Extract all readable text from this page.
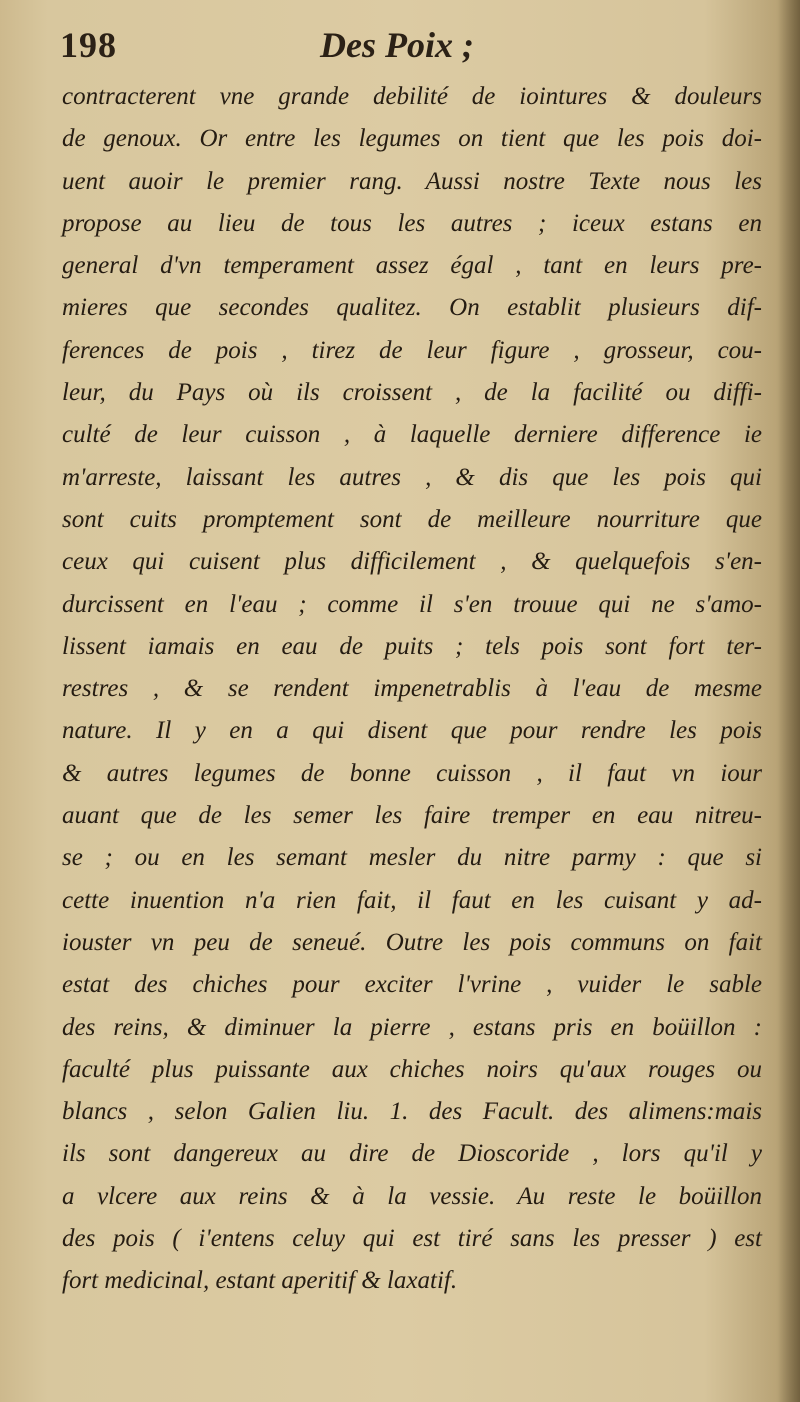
198	Des Poix ;
contracterent vne grande debilité de iointures & douleurs
de genoux. Or entre les legumes on tient que les pois doi-
uent auoir le premier rang. Aussi nostre Texte nous les
propose au lieu de tous les autres ; iceux estans en
general d'vn temperament assez égal , tant en leurs pre-
mieres que secondes qualitez. On establit plusieurs dif-
ferences de pois , tirez de leur figure , grosseur, cou-
leur, du Pays où ils croissent , de la facilité ou diffi-
culté de leur cuisson , à laquelle derniere difference ie
m'arreste, laissant les autres , & dis que les pois qui
sont cuits promptement sont de meilleure nourriture que
ceux qui cuisent plus difficilement , & quelquefois s'en-
durcissent en l'eau ; comme il s'en trouue qui ne s'amo-
lissent iamais en eau de puits ; tels pois sont fort ter-
restres , & se rendent impenetrablis à l'eau de mesme
nature. Il y en a qui disent que pour rendre les pois
& autres legumes de bonne cuisson , il faut vn iour
auant que de les semer les faire tremper en eau nitreu-
se ; ou en les semant mesler du nitre parmy : que si
cette inuention n'a rien fait, il faut en les cuisant y ad-
iouster vn peu de seneué. Outre les pois communs on fait
estat des chiches pour exciter l'vrine , vuider le sable
des reins, & diminuer la pierre , estans pris en boüillon :
faculté plus puissante aux chiches noirs qu'aux rouges ou
blancs , selon Galien liu. 1. des Facult. des alimens:mais
ils sont dangereux au dire de Dioscoride , lors qu'il y
a vlcere aux reins & à la vessie. Au reste le boüillon
des pois ( i'entens celuy qui est tiré sans les presser ) est
fort medicinal, estant aperitif & laxatif.
